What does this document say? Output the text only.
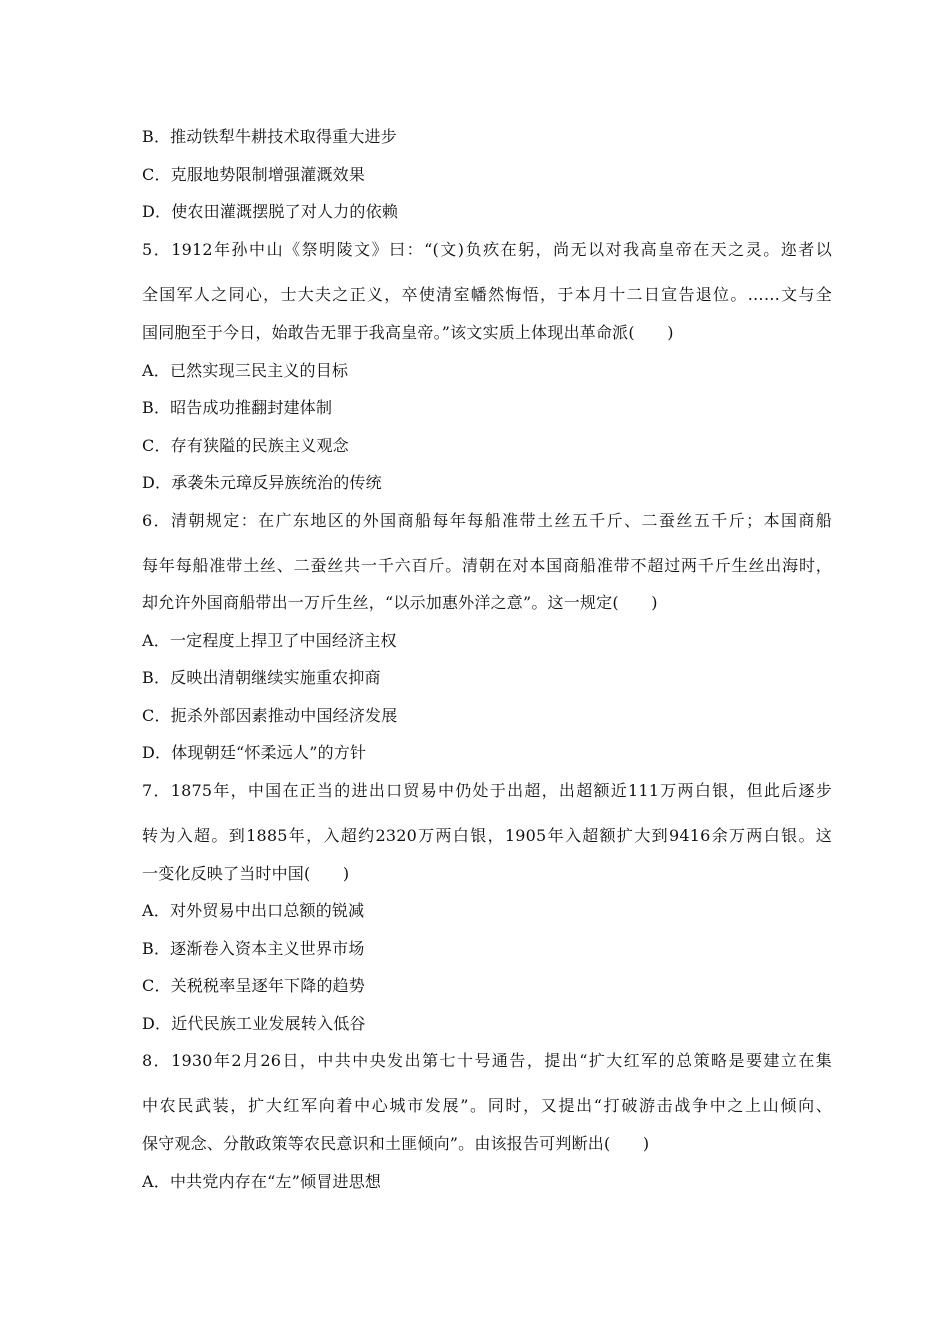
B．推动铁犁牛耕技术取得重大进步
C．克服地势限制增强灌溉效果
D．使农田灌溉摆脱了对人力的依赖
5．1912年孙中山《祭明陵文》曰：“(文)负疚在躬，尚无以对我高皇帝在天之灵。迩者以
全国军人之同心，士大夫之正义，卒使清室幡然悔悟，于本月十二日宣告退位。……文与全
国同胞至于今日，始敢告无罪于我高皇帝。”该文实质上体现出革命派(　　)
A．已然实现三民主义的目标
B．昭告成功推翻封建体制
C．存有狭隘的民族主义观念
D．承袭朱元璋反异族统治的传统
6．清朝规定：在广东地区的外国商船每年每船准带土丝五千斤、二蚕丝五千斤；本国商船
每年每船准带土丝、二蚕丝共一千六百斤。清朝在对本国商船准带不超过两千斤生丝出海时，
却允许外国商船带出一万斤生丝，“以示加惠外洋之意”。这一规定(　　)
A．一定程度上捍卫了中国经济主权
B．反映出清朝继续实施重农抑商
C．扼杀外部因素推动中国经济发展
D．体现朝廷“怀柔远人”的方针
7．1875年，中国在正当的进出口贸易中仍处于出超，出超额近111万两白银，但此后逐步
转为入超。到1885年，入超约2320万两白银，1905年入超额扩大到9416余万两白银。这
一变化反映了当时中国(　　)
A．对外贸易中出口总额的锐减
B．逐渐卷入资本主义世界市场
C．关税税率呈逐年下降的趋势
D．近代民族工业发展转入低谷
8．1930年2月26日，中共中央发出第七十号通告，提出“扩大红军的总策略是要建立在集
中农民武装，扩大红军向着中心城市发展”。同时，又提出“打破游击战争中之上山倾向、
保守观念、分散政策等农民意识和土匪倾向”。由该报告可判断出(　　)
A．中共党内存在“左”倾冒进思想
